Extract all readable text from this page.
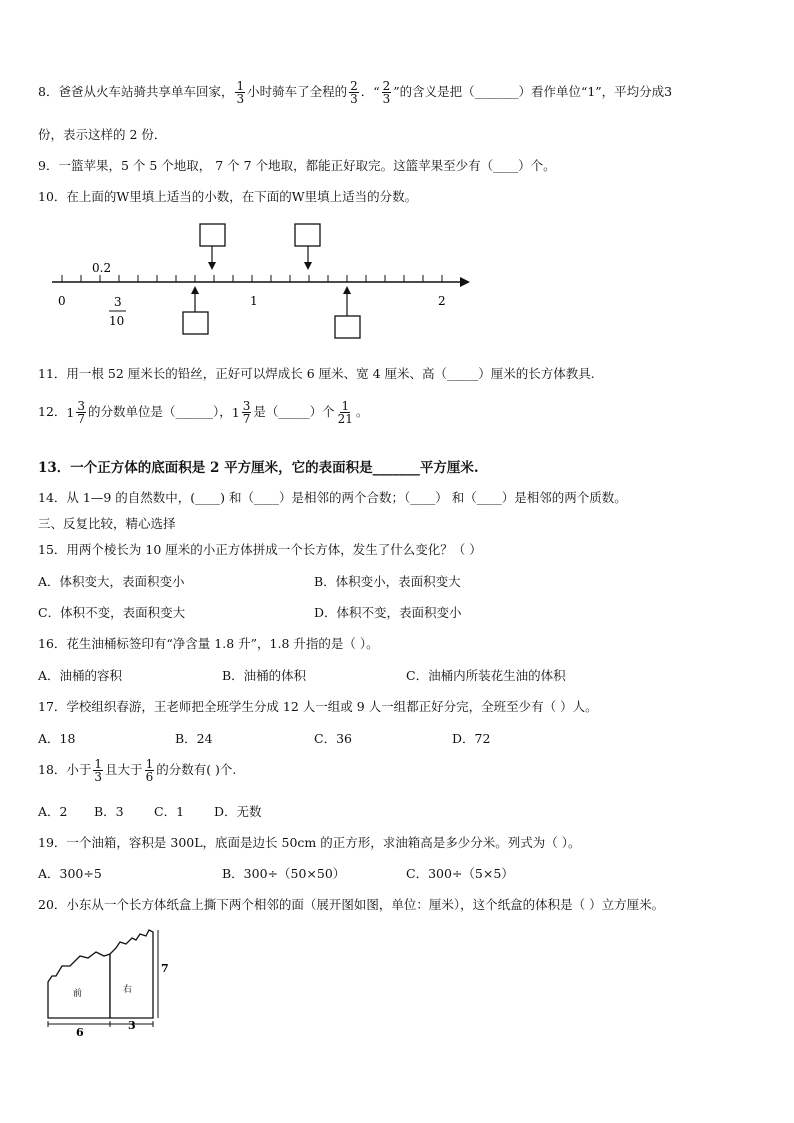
8．爸爸从火车站骑共享单车回家， $\frac{1}{3}$ 小时骑车了全程的 $\frac{2}{3}$ ．“ $\frac{2}{3}$ ”的含义是把（_______）看作单位“1”，平均分成3
份，表示这样的 2 份．
9．一篮苹果，5 个 5 个地取， 7 个 7 个地取，都能正好取完。这篮苹果至少有（____）个。
10．在上面的W里填上适当的小数，在下面的W里填上适当的分数。
0.2
0	1	2
3
10
11．用一根 52 厘米长的铅丝，正好可以焊成长 6 厘米、宽 4 厘米、高（_____）厘米的长方体教具.
12． $1 \frac{3}{7}$ 的分数单位是（______）， $1 \frac{3}{7}$ 是（_____）个 $\frac{1}{21}$ 。
13．一个正方体的底面积是 2 平方厘米，它的表面积是_______平方厘米.
14．从 1—9 的自然数中，(____) 和（____）是相邻的两个合数；（____） 和（____）是相邻的两个质数。
三、反复比较，精心选择
15．用两个棱长为 10 厘米的小正方体拼成一个长方体，发生了什么变化？（ ）
A．体积变大，表面积变小	B．体积变小，表面积变大
C．体积不变，表面积变大	D．体积不变，表面积变小
16．花生油桶标签印有“净含量 1.8 升”，1.8 升指的是（ ）。
A．油桶的容积	B．油桶的体积	C．油桶内所装花生油的体积
17．学校组织春游，王老师把全班学生分成 12 人一组或 9 人一组都正好分完，全班至少有（ ）人。
A．18	B．24	C．36	D．72
18．小于 $\frac{1}{3}$ 且大于 $\frac{1}{6}$ 的分数有( )个.
A．2 B．3 C．1 D．无数
19．一个油箱，容积是 300L，底面是边长 50cm 的正方形，求油箱高是多少分米。列式为（ ）。
A．300÷5	B．300÷（50×50）	C．300÷（5×5）
20．小东从一个长方体纸盒上撕下两个相邻的面（展开图如图，单位：厘米），这个纸盒的体积是（ ）立方厘米。
前	右
7
6
3
